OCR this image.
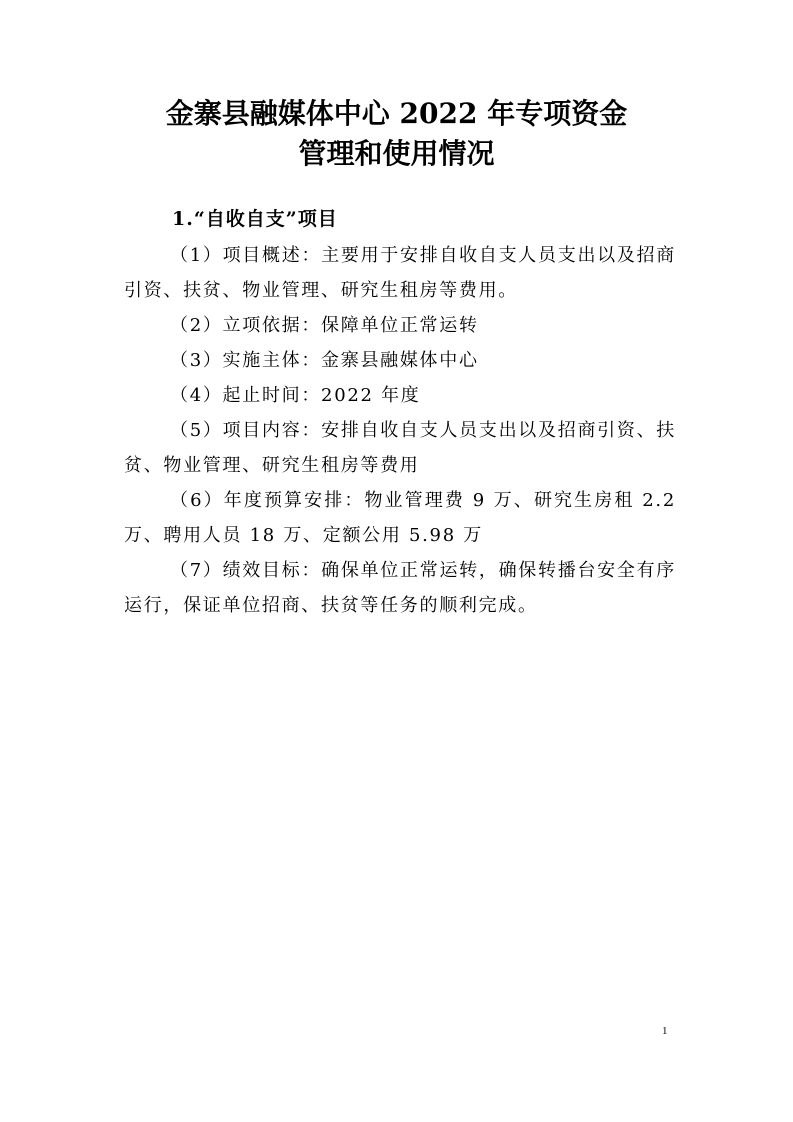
金寨县融媒体中心 2022 年专项资金
管理和使用情况
1.“自收自支”项目

（1）项目概述：主要用于安排自收自支人员支出以及招商引资、扶贫、物业管理、研究生租房等费用。

（2）立项依据：保障单位正常运转

（3）实施主体：金寨县融媒体中心

（4）起止时间：2022 年度

（5）项目内容：安排自收自支人员支出以及招商引资、扶贫、物业管理、研究生租房等费用

（6）年度预算安排：物业管理费 9 万、研究生房租 2.2 万、聘用人员 18 万、定额公用 5.98 万

（7）绩效目标：确保单位正常运转，确保转播台安全有序运行，保证单位招商、扶贫等任务的顺利完成。

1
